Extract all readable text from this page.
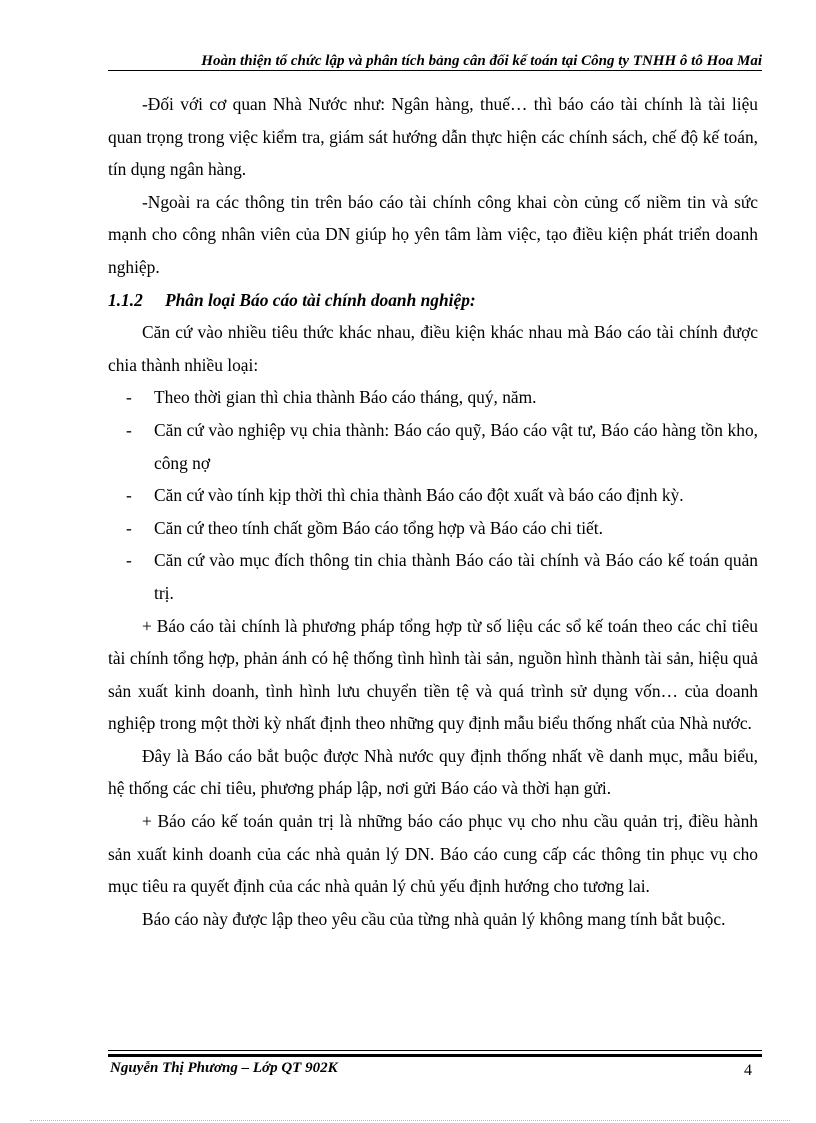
Hoàn thiện tổ chức lập và phân tích bảng cân đối kế toán tại Công ty TNHH ô tô Hoa Mai

-Đối với cơ quan Nhà Nước như: Ngân hàng, thuế… thì báo cáo tài chính là tài liệu quan trọng trong việc kiểm tra, giám sát hướng dẫn thực hiện các chính sách, chế độ kế toán, tín dụng ngân hàng.

-Ngoài ra các thông tin trên báo cáo tài chính công khai còn củng cố niềm tin và sức mạnh cho công nhân viên của DN giúp họ yên tâm làm việc, tạo điều kiện phát triển doanh nghiệp.

1.1.2 Phân loại Báo cáo tài chính doanh nghiệp:

Căn cứ vào nhiều tiêu thức khác nhau, điều kiện khác nhau mà Báo cáo tài chính được chia thành nhiều loại:

- Theo thời gian thì chia thành Báo cáo tháng, quý, năm.
- Căn cứ vào nghiệp vụ chia thành: Báo cáo quỹ, Báo cáo vật tư, Báo cáo hàng tồn kho, công nợ
- Căn cứ vào tính kịp thời thì chia thành Báo cáo đột xuất và báo cáo định kỳ.
- Căn cứ theo tính chất gồm Báo cáo tổng hợp và Báo cáo chi tiết.
- Căn cứ vào mục đích thông tin chia thành Báo cáo tài chính và Báo cáo kế toán quản trị.

+ Báo cáo tài chính là phương pháp tổng hợp từ số liệu các sổ kế toán theo các chỉ tiêu tài chính tổng hợp, phản ánh có hệ thống tình hình tài sản, nguồn hình thành tài sản, hiệu quả sản xuất kinh doanh, tình hình lưu chuyển tiền tệ và quá trình sử dụng vốn… của doanh nghiệp trong một thời kỳ nhất định theo những quy định mẫu biểu thống nhất của Nhà nước.

Đây là Báo cáo bắt buộc được Nhà nước quy định thống nhất về danh mục, mẫu biểu, hệ thống các chỉ tiêu, phương pháp lập, nơi gửi Báo cáo và thời hạn gửi.

+ Báo cáo kế toán quản trị là những báo cáo phục vụ cho nhu cầu quản trị, điều hành sản xuất kinh doanh của các nhà quản lý DN. Báo cáo cung cấp các thông tin phục vụ cho mục tiêu ra quyết định của các nhà quản lý chủ yếu định hướng cho tương lai.

Báo cáo này được lập theo yêu cầu của từng nhà quản lý không mang tính bắt buộc.

Nguyễn Thị Phương – Lớp QT 902K	4
